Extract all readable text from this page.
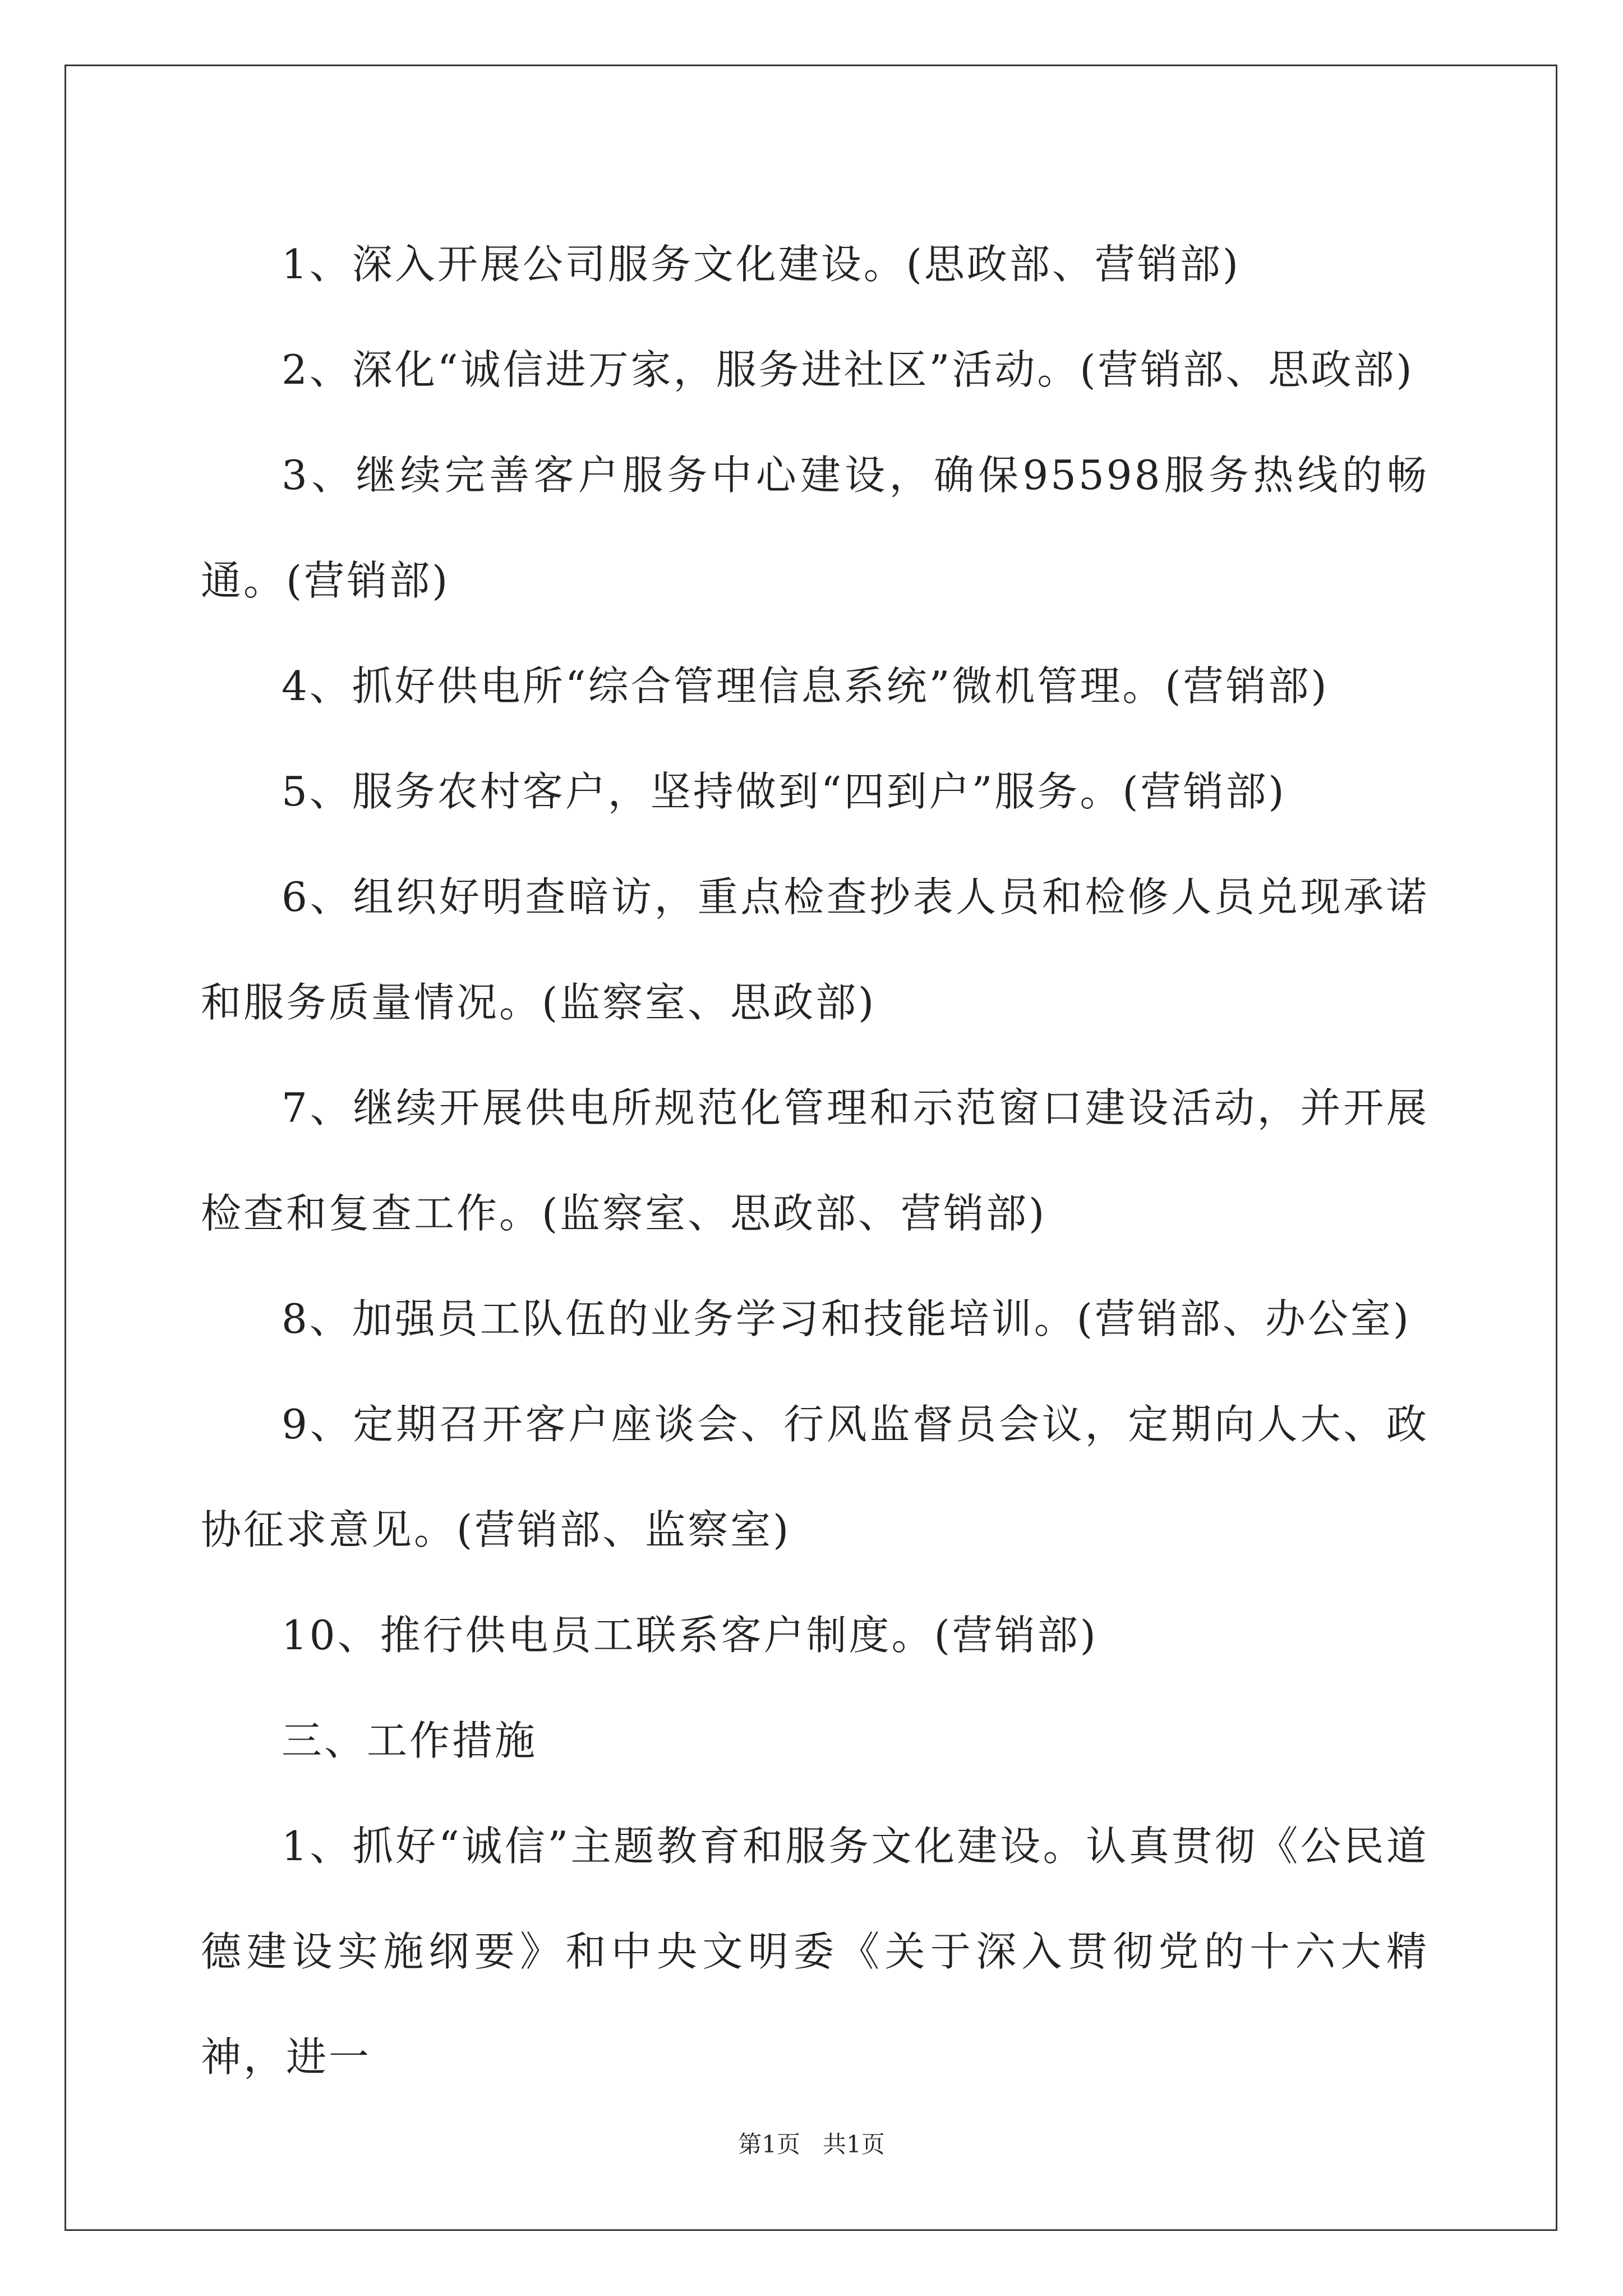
1、深入开展公司服务文化建设。(思政部、营销部)

2、深化“诚信进万家，服务进社区”活动。(营销部、思政部)

3、继续完善客户服务中心建设，确保95598服务热线的畅通。(营销部)

4、抓好供电所“综合管理信息系统”微机管理。(营销部)

5、服务农村客户，坚持做到“四到户”服务。(营销部)

6、组织好明查暗访，重点检查抄表人员和检修人员兑现承诺和服务质量情况。(监察室、思政部)

7、继续开展供电所规范化管理和示范窗口建设活动，并开展检查和复查工作。(监察室、思政部、营销部)

8、加强员工队伍的业务学习和技能培训。(营销部、办公室)

9、定期召开客户座谈会、行风监督员会议，定期向人大、政协征求意见。(营销部、监察室)

10、推行供电员工联系客户制度。(营销部)

三、工作措施

1、抓好“诚信”主题教育和服务文化建设。认真贯彻《公民道德建设实施纲要》和中央文明委《关于深入贯彻党的十六大精神，进一

第1页   共1页
